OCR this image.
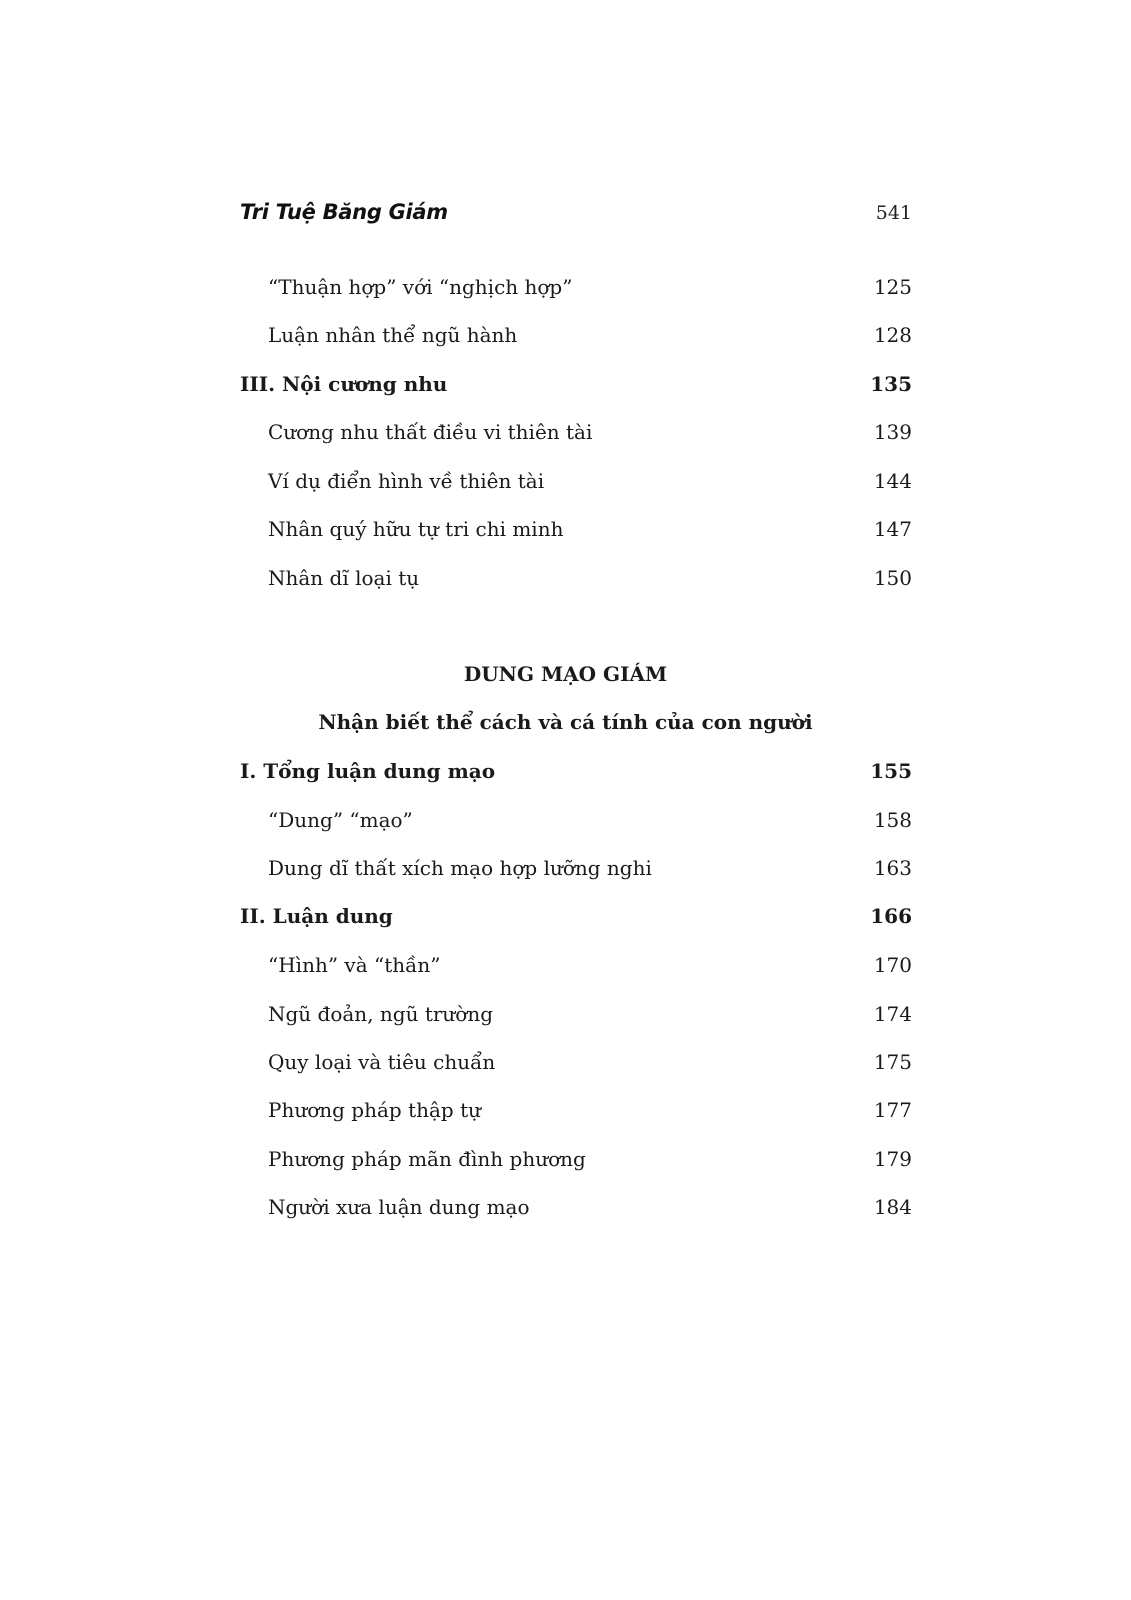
Tri Tuệ Băng Giám	541
“Thuận hợp” với “nghịch hợp”	125
Luận nhân thể ngũ hành	128
III. Nội cương nhu	135
Cương nhu thất điều vi thiên tài	139
Ví dụ điển hình về thiên tài	144
Nhân quý hữu tự tri chi minh	147
Nhân dĩ loại tụ	150
DUNG MẠO GIÁM
Nhận biết thể cách và cá tính của con người
I. Tổng luận dung mạo	155
“Dung” “mạo”	158
Dung dĩ thất xích mạo hợp lưỡng nghi	163
II. Luận dung	166
“Hình” và “thần”	170
Ngũ đoản, ngũ trường	174
Quy loại và tiêu chuẩn	175
Phương pháp thập tự	177
Phương pháp mãn đình phương	179
Người xưa luận dung mạo	184
